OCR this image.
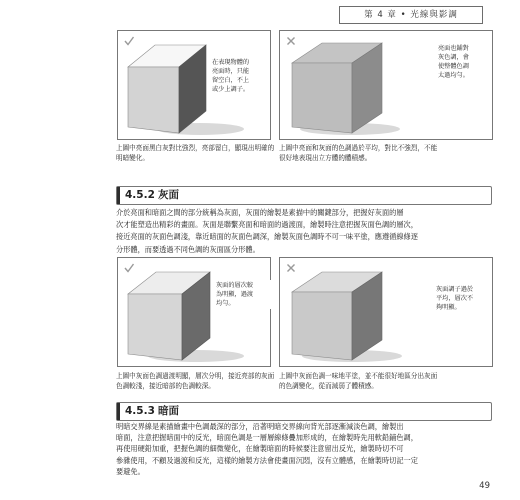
第 4 章 • 光線與影調
在表現物體的
亮面時，只能
留空白，不上
或少上調子。
上圖中亮面黑白灰對比強烈，亮部留白，顯現出明確的
明暗變化。
亮面也鋪對
灰色調，會
使整體色調
太過均勻。
上圖中亮面和灰面的色調過於平均，對比不強烈，不能
很好地表現出立方體的體積感。
4.5.2 灰面
介於亮面和暗面之間的部分統稱為灰面，灰面的繪製是素描中的關鍵部分，把握好灰面的層
次才能塑造出精彩的畫面。灰面是聯繫亮面和暗面的過渡面，繪製時注意把握灰面色調的層次，
接近亮面的灰面色調淺，靠近暗面的灰面色調深，繪製灰面色調時不可一味平塗，應遵循線條逐
分形體，而要透過不同色調的灰面區分形體。
灰面的層次較
為明顯，過渡
均勻。
上圖中灰面色調過渡明顯，層次分明，接近亮部的灰面
色調較淺，接近暗部的色調較深。
灰面調子過於
平均，層次不
夠明顯。
上圖中灰面色調一味地平塗，並不能很好地區分出灰面
的色調變化，從而減弱了體積感。
4.5.3 暗面
明暗交界線是素描繪畫中色調最深的部分，沿著明暗交界線向背光部逐漸減淡色調，繪製出
暗面，注意把握暗面中的反光，暗面色調是一層層線條疊加形成的，在繪製時先用軟鉛鋪色調，
再使用硬鉛加重，把握色調的細微變化，在繪製暗面的時候要注意留出反光，繪製時切不可
參雜使用，不顧及過渡和反光，這樣的繪製方法會使畫面沉悶，沒有立體感，在繪製時切記一定
要避免。
49
